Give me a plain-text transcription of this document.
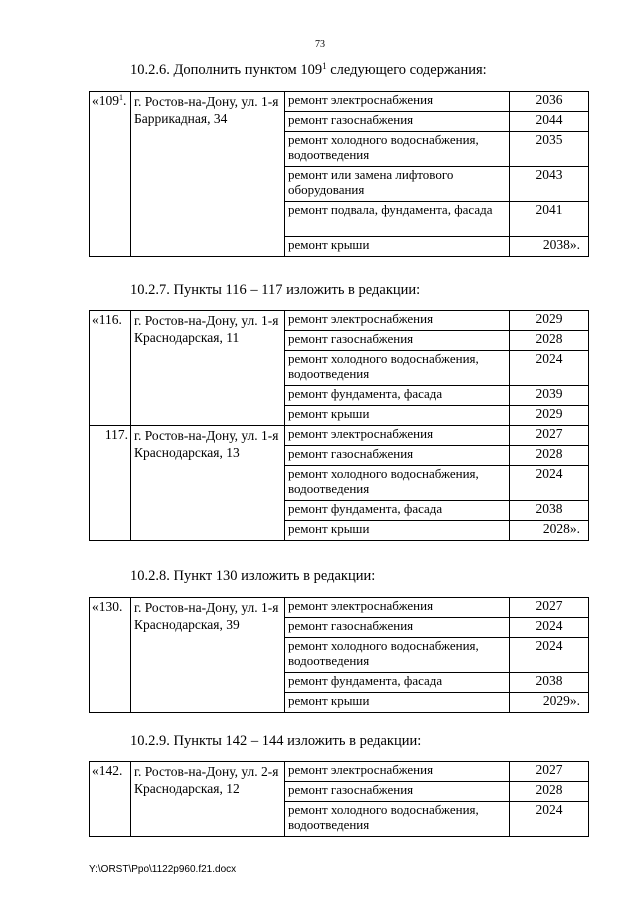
73
10.2.6. Дополнить пунктом $109^1$ следующего содержания:
«$109^1$.	г. Ростов-на-Дону, ул. 1-я Баррикадная, 34	ремонт электроснабжения	2036
		ремонт газоснабжения	2044
		ремонт холодного водоснабжения, водоотведения	2035
		ремонт или замена лифтового оборудования	2043
		ремонт подвала, фундамента, фасада	2041
		ремонт крыши	2038».
10.2.7. Пункты 116 – 117 изложить в редакции:
«116.	г. Ростов-на-Дону, ул. 1-я Краснодарская, 11	ремонт электроснабжения	2029
		ремонт газоснабжения	2028
		ремонт холодного водоснабжения, водоотведения	2024
		ремонт фундамента, фасада	2039
		ремонт крыши	2029
117.	г. Ростов-на-Дону, ул. 1-я Краснодарская, 13	ремонт электроснабжения	2027
		ремонт газоснабжения	2028
		ремонт холодного водоснабжения, водоотведения	2024
		ремонт фундамента, фасада	2038
		ремонт крыши	2028».
10.2.8. Пункт 130 изложить в редакции:
«130.	г. Ростов-на-Дону, ул. 1-я Краснодарская, 39	ремонт электроснабжения	2027
		ремонт газоснабжения	2024
		ремонт холодного водоснабжения, водоотведения	2024
		ремонт фундамента, фасада	2038
		ремонт крыши	2029».
10.2.9. Пункты 142 – 144 изложить в редакции:
«142.	г. Ростов-на-Дону, ул. 2-я Краснодарская, 12	ремонт электроснабжения	2027
		ремонт газоснабжения	2028
		ремонт холодного водоснабжения, водоотведения	2024
Y:\ORST\Ppo\1122p960.f21.docx
